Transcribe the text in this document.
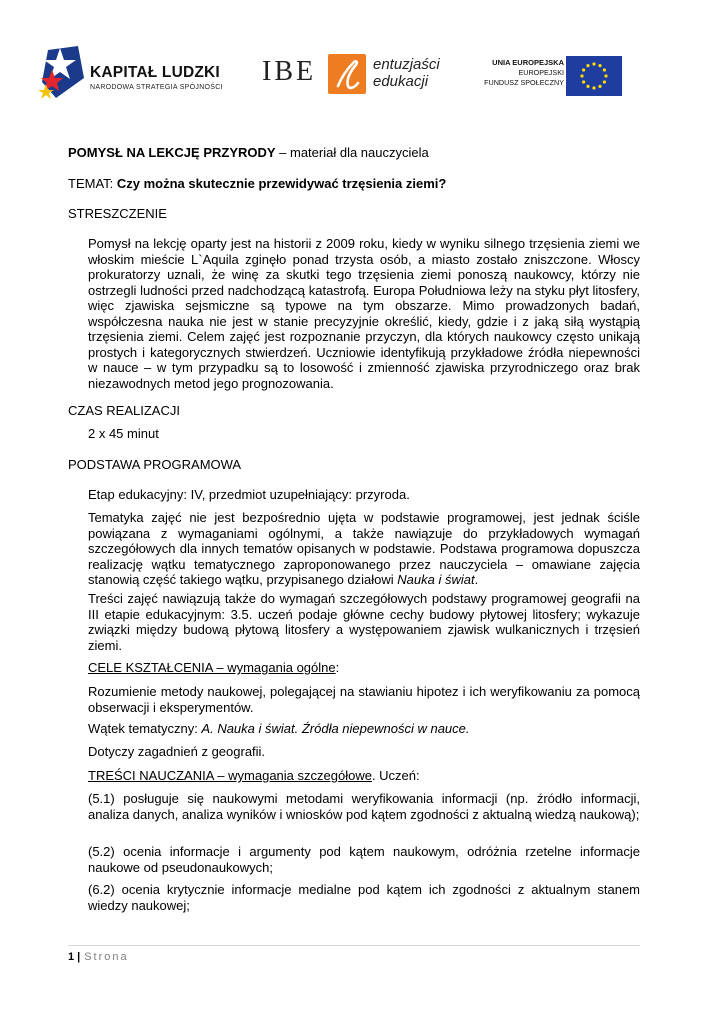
KAPITAŁ LUDZKI
NARODOWA STRATEGIA SPÓJNOŚCI
IBE	entuzjaści
edukacji
UNIA EUROPEJSKA
EUROPEJSKI
FUNDUSZ SPOŁECZNY
POMYSŁ NA LEKCJĘ PRZYRODY – materiał dla nauczyciela
TEMAT: Czy można skutecznie przewidywać trzęsienia ziemi?
STRESZCZENIE
Pomysł na lekcję oparty jest na historii z 2009 roku, kiedy w wyniku silnego trzęsienia ziemi we włoskim mieście L`Aquila zginęło ponad trzysta osób, a miasto zostało zniszczone. Włoscy prokuratorzy uznali, że winę za skutki tego trzęsienia ziemi ponoszą naukowcy, którzy nie ostrzegli ludności przed nadchodzącą katastrofą. Europa Południowa leży na styku płyt litosfery, więc zjawiska sejsmiczne są typowe na tym obszarze. Mimo prowadzonych badań, współczesna nauka nie jest w stanie precyzyjnie określić, kiedy, gdzie i z jaką siłą wystąpią trzęsienia ziemi. Celem zajęć jest rozpoznanie przyczyn, dla których naukowcy często unikają prostych i kategorycznych stwierdzeń. Uczniowie identyfikują przykładowe źródła niepewności w nauce – w tym przypadku są to losowość i zmienność zjawiska przyrodniczego oraz brak niezawodnych metod jego prognozowania.
CZAS REALIZACJI
2 x 45 minut
PODSTAWA PROGRAMOWA
Etap edukacyjny: IV, przedmiot uzupełniający: przyroda.
Tematyka zajęć nie jest bezpośrednio ujęta w podstawie programowej, jest jednak ściśle powiązana z wymaganiami ogólnymi, a także nawiązuje do przykładowych wymagań szczegółowych dla innych tematów opisanych w podstawie. Podstawa programowa dopuszcza realizację wątku tematycznego zaproponowanego przez nauczyciela – omawiane zajęcia stanowią część takiego wątku, przypisanego działowi Nauka i świat.
Treści zajęć nawiązują także do wymagań szczegółowych podstawy programowej geografii na III etapie edukacyjnym: 3.5. uczeń podaje główne cechy budowy płytowej litosfery; wykazuje związki między budową płytową litosfery a występowaniem zjawisk wulkanicznych i trzęsień ziemi.
CELE KSZTAŁCENIA – wymagania ogólne:
Rozumienie metody naukowej, polegającej na stawianiu hipotez i ich weryfikowaniu za pomocą obserwacji i eksperymentów.
Wątek tematyczny: A. Nauka i świat. Źródła niepewności w nauce.
Dotyczy zagadnień z geografii.
TREŚCI NAUCZANIA – wymagania szczegółowe. Uczeń:
(5.1) posługuje się naukowymi metodami weryfikowania informacji (np. źródło informacji, analiza danych, analiza wyników i wniosków pod kątem zgodności z aktualną wiedzą naukową);
(5.2) ocenia informacje i argumenty pod kątem naukowym, odróżnia rzetelne informacje naukowe od pseudonaukowych;
(6.2) ocenia krytycznie informacje medialne pod kątem ich zgodności z aktualnym stanem wiedzy naukowej;
1 | Strona
